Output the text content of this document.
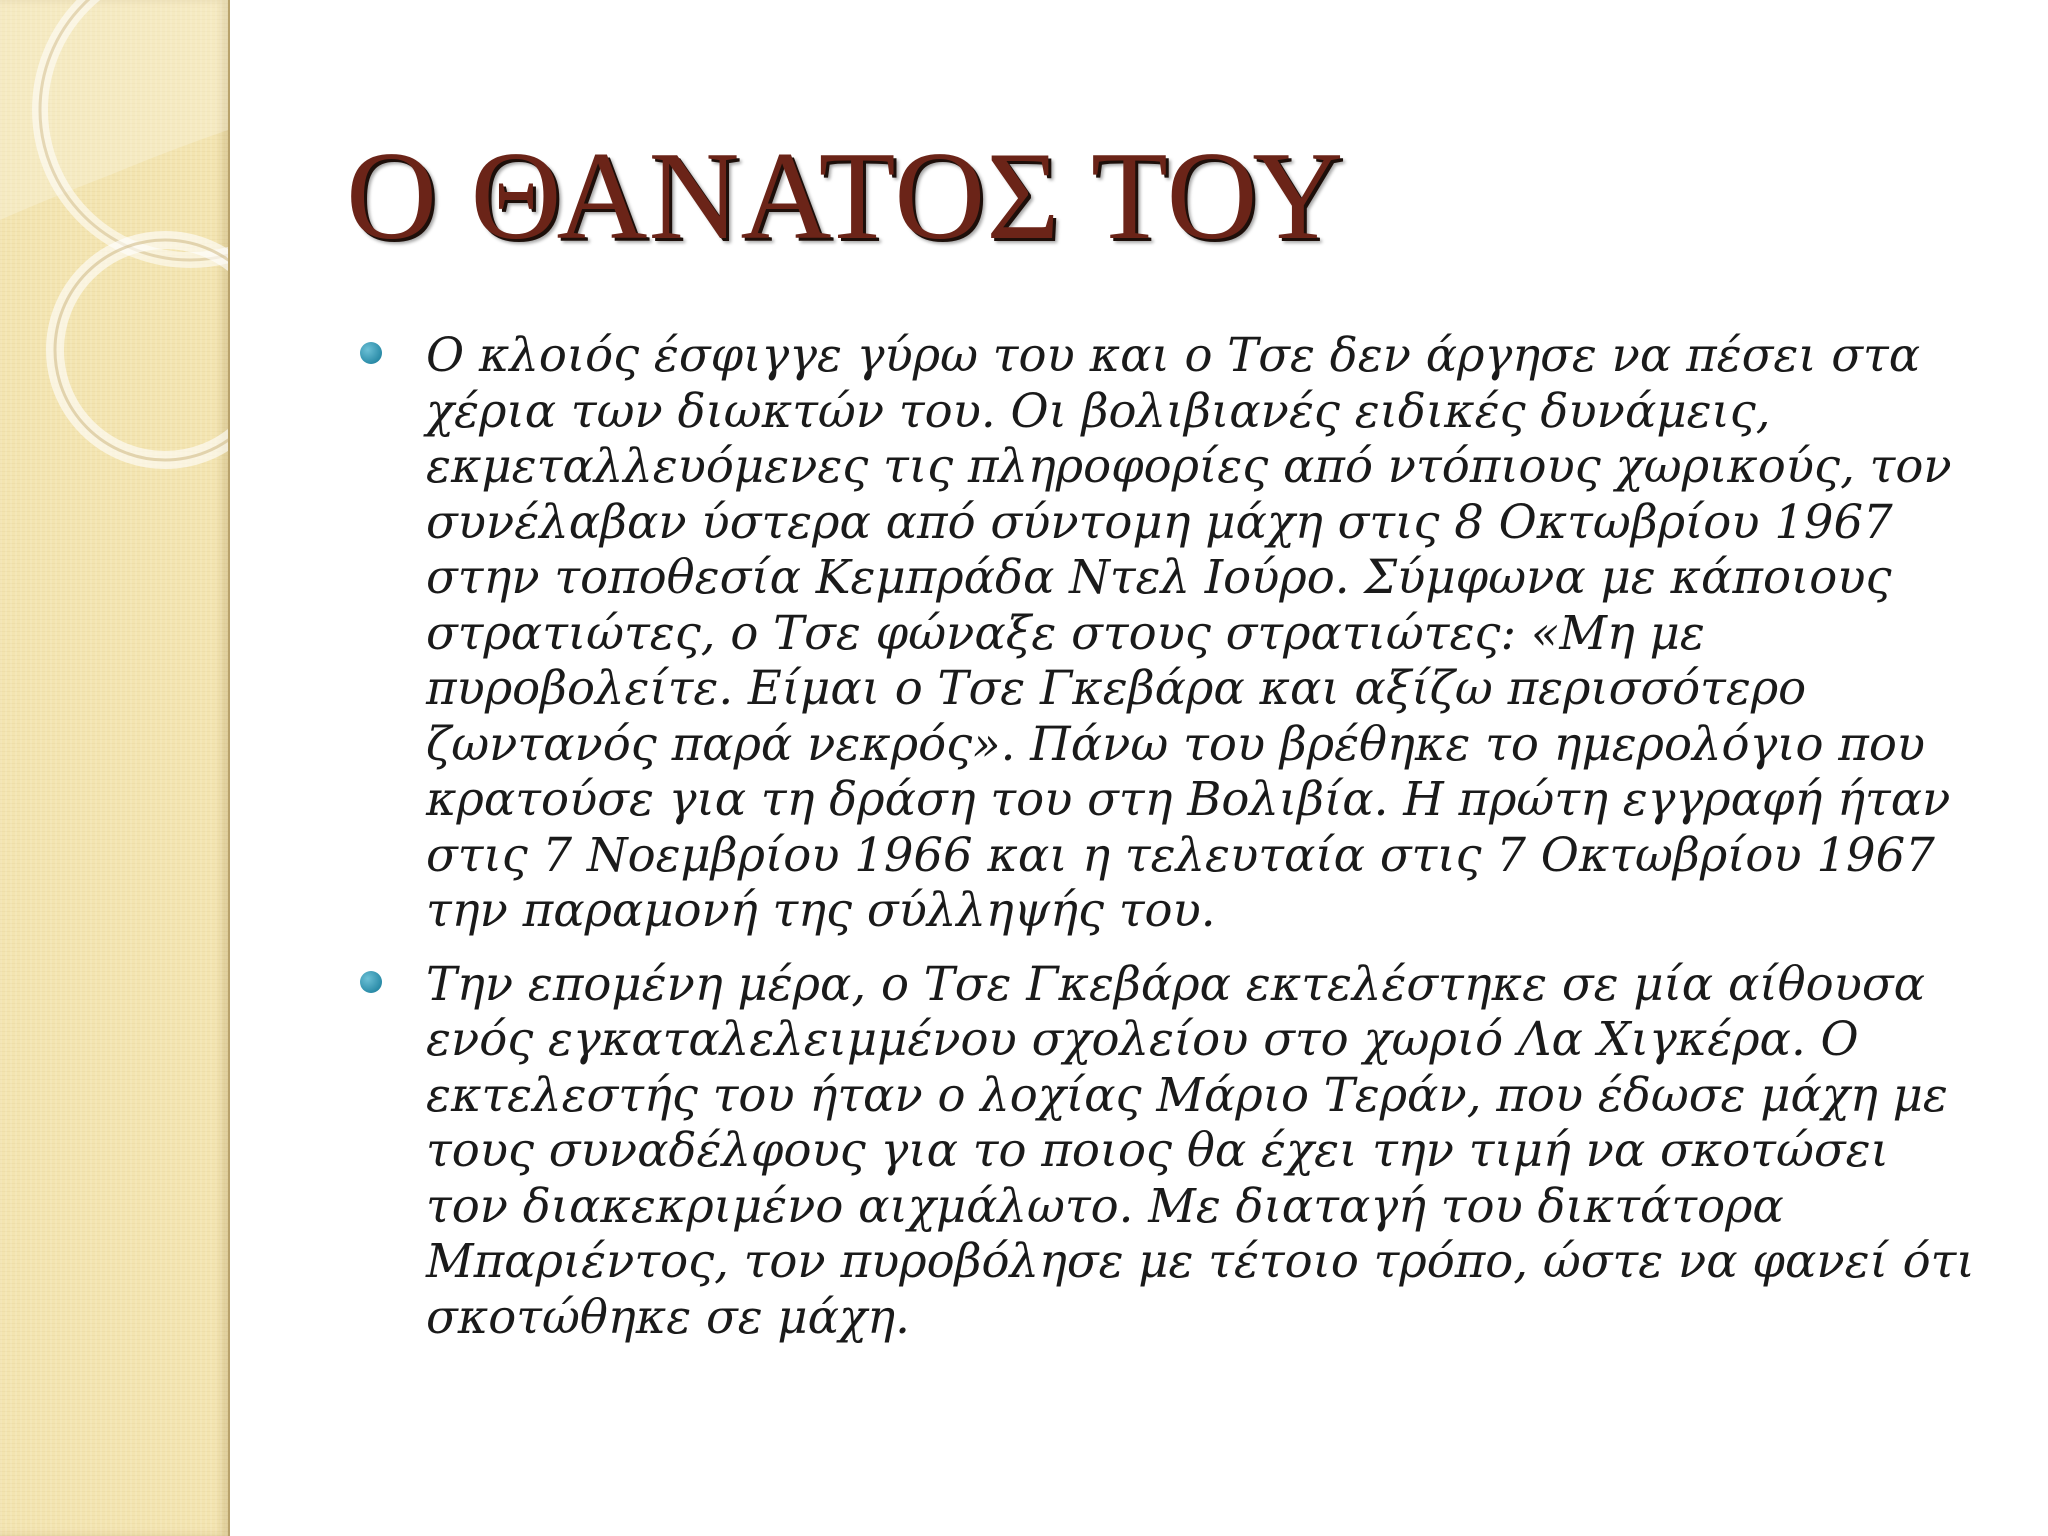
Ο ΘΑΝΑΤΟΣ ΤΟΥ
Ο κλοιός έσφιγγε γύρω του και ο Τσε δεν άργησε να πέσει στα χέρια των διωκτών του. Οι βολιβιανές ειδικές δυνάμεις, εκμεταλλευόμενες τις πληροφορίες από ντόπιους χωρικούς, τον συνέλαβαν ύστερα από σύντομη μάχη στις 8 Οκτωβρίου 1967 στην τοποθεσία Κεμπράδα Ντελ Ιούρο. Σύμφωνα με κάποιους στρατιώτες, ο Τσε φώναξε στους στρατιώτες: «Μη με πυροβολείτε. Είμαι ο Τσε Γκεβάρα και αξίζω περισσότερο ζωντανός παρά νεκρός». Πάνω του βρέθηκε το ημερολόγιο που κρατούσε για τη δράση του στη Βολιβία. Η πρώτη εγγραφή ήταν στις 7 Νοεμβρίου 1966 και η τελευταία στις 7 Οκτωβρίου 1967 την παραμονή της σύλληψής του.
Την επομένη μέρα, ο Τσε Γκεβάρα εκτελέστηκε σε μία αίθουσα ενός εγκαταλελειμμένου σχολείου στο χωριό Λα Χιγκέρα. Ο εκτελεστής του ήταν ο λοχίας Μάριο Τεράν, που έδωσε μάχη με τους συναδέλφους για το ποιος θα έχει την τιμή να σκοτώσει τον διακεκριμένο αιχμάλωτο. Με διαταγή του δικτάτορα Μπαριέντος, τον πυροβόλησε με τέτοιο τρόπο, ώστε να φανεί ότι σκοτώθηκε σε μάχη.
